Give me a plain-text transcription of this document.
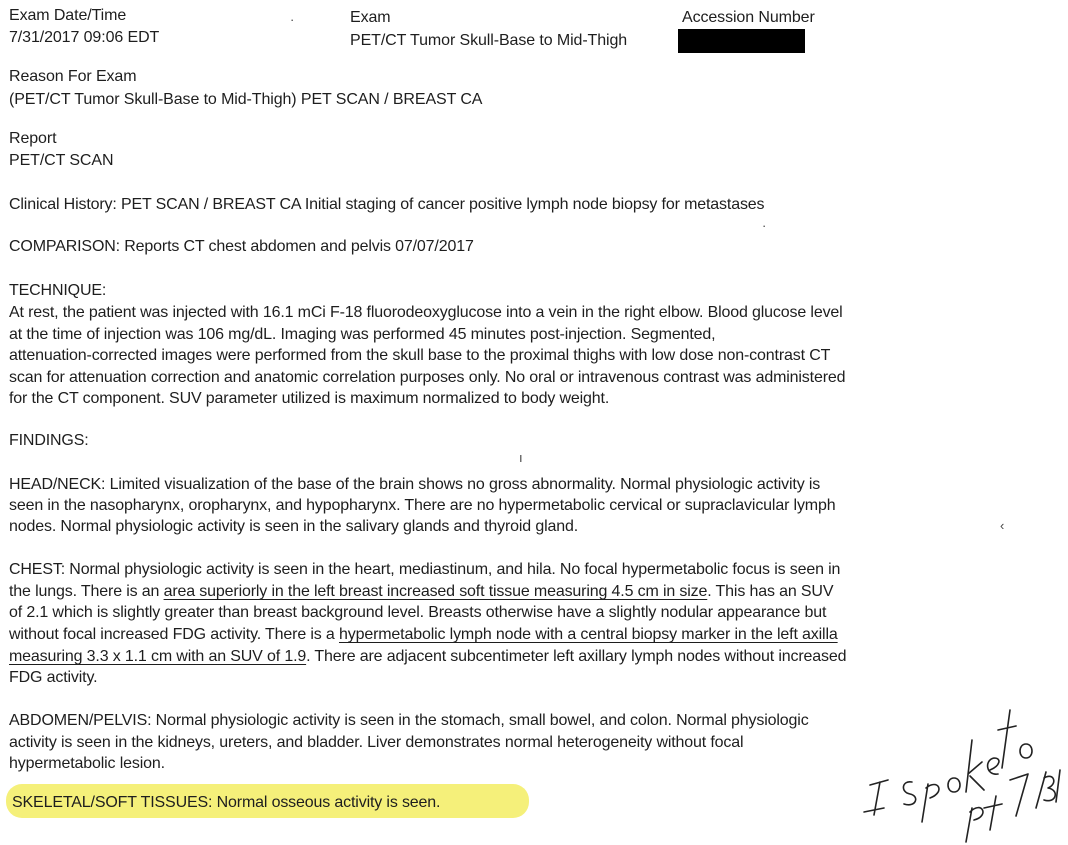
Exam Date/Time
7/31/2017 09:06 EDT
Exam
PET/CT Tumor Skull-Base to Mid-Thigh
Accession Number
Reason For Exam
(PET/CT Tumor Skull-Base to Mid-Thigh) PET SCAN / BREAST CA
Report
PET/CT SCAN
Clinical History: PET SCAN / BREAST CA Initial staging of cancer positive lymph node biopsy for metastases
COMPARISON: Reports CT chest abdomen and pelvis 07/07/2017
TECHNIQUE:
At rest, the patient was injected with 16.1 mCi F-18 fluorodeoxyglucose into a vein in the right elbow. Blood glucose level
at the time of injection was 106 mg/dL. Imaging was performed 45 minutes post-injection. Segmented,
attenuation-corrected images were performed from the skull base to the proximal thighs with low dose non-contrast CT
scan for attenuation correction and anatomic correlation purposes only. No oral or intravenous contrast was administered
for the CT component. SUV parameter utilized is maximum normalized to body weight.
FINDINGS:
HEAD/NECK: Limited visualization of the base of the brain shows no gross abnormality. Normal physiologic activity is
seen in the nasopharynx, oropharynx, and hypopharynx. There are no hypermetabolic cervical or supraclavicular lymph
nodes. Normal physiologic activity is seen in the salivary glands and thyroid gland.
CHEST: Normal physiologic activity is seen in the heart, mediastinum, and hila. No focal hypermetabolic focus is seen in
the lungs. There is an area superiorly in the left breast increased soft tissue measuring 4.5 cm in size. This has an SUV
of 2.1 which is slightly greater than breast background level. Breasts otherwise have a slightly nodular appearance but
without focal increased FDG activity. There is a hypermetabolic lymph node with a central biopsy marker in the left axilla
measuring 3.3 x 1.1 cm with an SUV of 1.9. There are adjacent subcentimeter left axillary lymph nodes without increased
FDG activity.
ABDOMEN/PELVIS: Normal physiologic activity is seen in the stomach, small bowel, and colon. Normal physiologic
activity is seen in the kidneys, ureters, and bladder. Liver demonstrates normal heterogeneity without focal
hypermetabolic lesion.
SKELETAL/SOFT TISSUES: Normal osseous activity is seen.
·
·
ı
‹
